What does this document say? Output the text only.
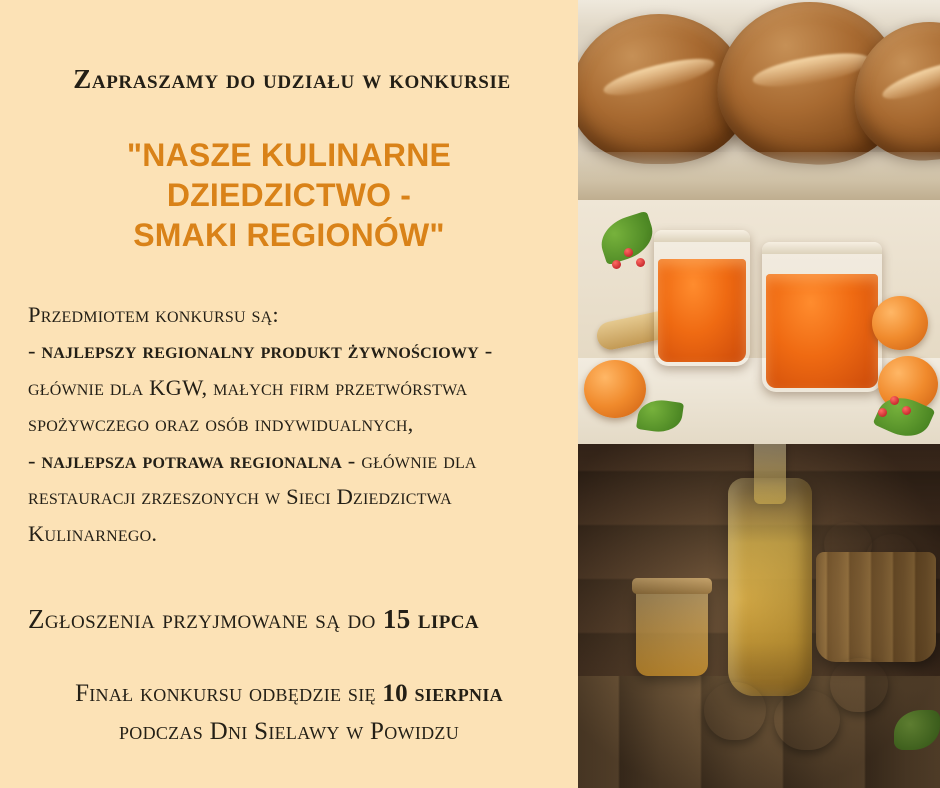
Zapraszamy do udziału w konkursie
"NASZE KULINARNE DZIEDZICTWO -
SMAKI REGIONÓW"
Przedmiotem konkursu są:
- najlepszy regionalny produkt żywnościowy -
głównie dla KGW, małych firm przetwórstwa
spożywczego oraz osób indywidualnych,
- najlepsza potrawa regionalna - głównie dla
restauracji zrzeszonych w Sieci Dziedzictwa
Kulinarnego.
Zgłoszenia przyjmowane są do 15 lipca
Finał konkursu odbędzie się 10 sierpnia
podczas Dni Sielawy w Powidzu
